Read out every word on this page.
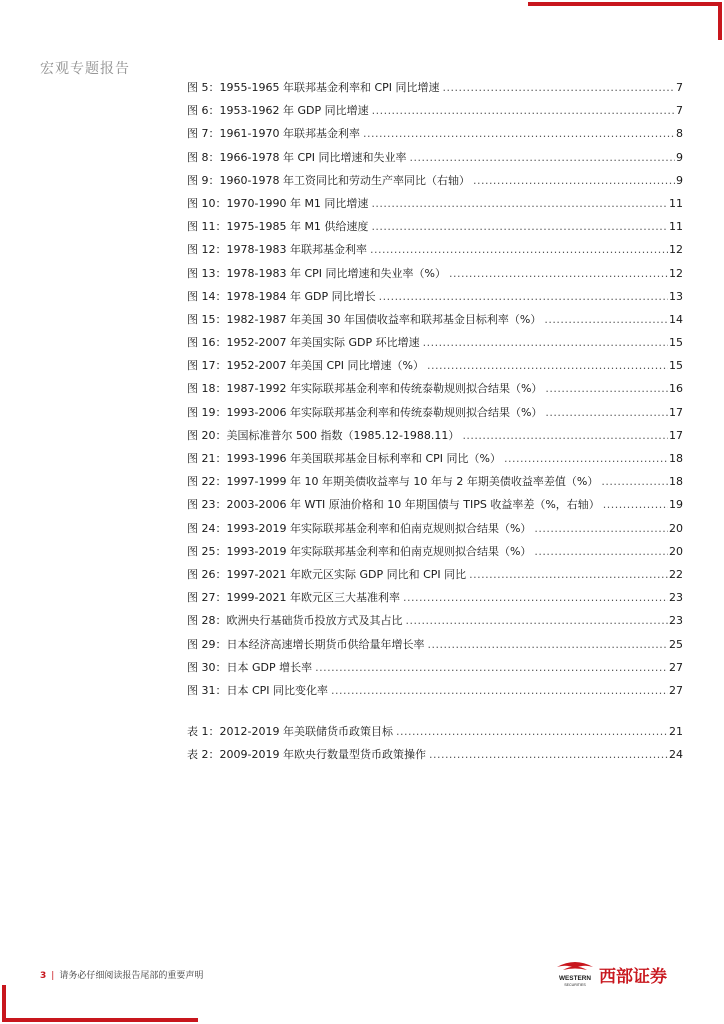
宏观专题报告
图 5：1955-1965 年联邦基金利率和 CPI 同比增速 .....	7
图 6：1953-1962 年 GDP 同比增速 .....	7
图 7：1961-1970 年联邦基金利率 .....	8
图 8：1966-1978 年 CPI 同比增速和失业率 .....	9
图 9：1960-1978 年工资同比和劳动生产率同比（右轴） .....	9
图 10：1970-1990 年 M1 同比增速 .....	11
图 11：1975-1985 年 M1 供给速度 .....	11
图 12：1978-1983 年联邦基金利率 .....	12
图 13：1978-1983 年 CPI 同比增速和失业率（%） .....	12
图 14：1978-1984 年 GDP 同比增长 .....	13
图 15：1982-1987 年美国 30 年国债收益率和联邦基金目标利率（%） .....	14
图 16：1952-2007 年美国实际 GDP 环比增速 .....	15
图 17：1952-2007 年美国 CPI 同比增速（%） .....	15
图 18：1987-1992 年实际联邦基金利率和传统泰勒规则拟合结果（%） .....	16
图 19：1993-2006 年实际联邦基金利率和传统泰勒规则拟合结果（%） .....	17
图 20：美国标准普尔 500 指数（1985.12-1988.11） .....	17
图 21：1993-1996 年美国联邦基金目标利率和 CPI 同比（%） .....	18
图 22：1997-1999 年 10 年期美债收益率与 10 年与 2 年期美债收益率差值（%） .....	18
图 23：2003-2006 年 WTI 原油价格和 10 年期国债与 TIPS 收益率差（%，右轴） .....	19
图 24：1993-2019 年实际联邦基金利率和伯南克规则拟合结果（%） .....	20
图 25：1993-2019 年实际联邦基金利率和伯南克规则拟合结果（%） .....	20
图 26：1997-2021 年欧元区实际 GDP 同比和 CPI 同比 .....	22
图 27：1999-2021 年欧元区三大基准利率 .....	23
图 28：欧洲央行基础货币投放方式及其占比 .....	23
图 29：日本经济高速增长期货币供给量年增长率 .....	25
图 30：日本 GDP 增长率 .....	27
图 31：日本 CPI 同比变化率 .....	27
表 1：2012-2019 年美联储货币政策目标 .....	21
表 2：2009-2019 年欧央行数量型货币政策操作 .....	24
3 | 请务必仔细阅读报告尾部的重要声明	WESTERN
SECURITIES 西部证券
